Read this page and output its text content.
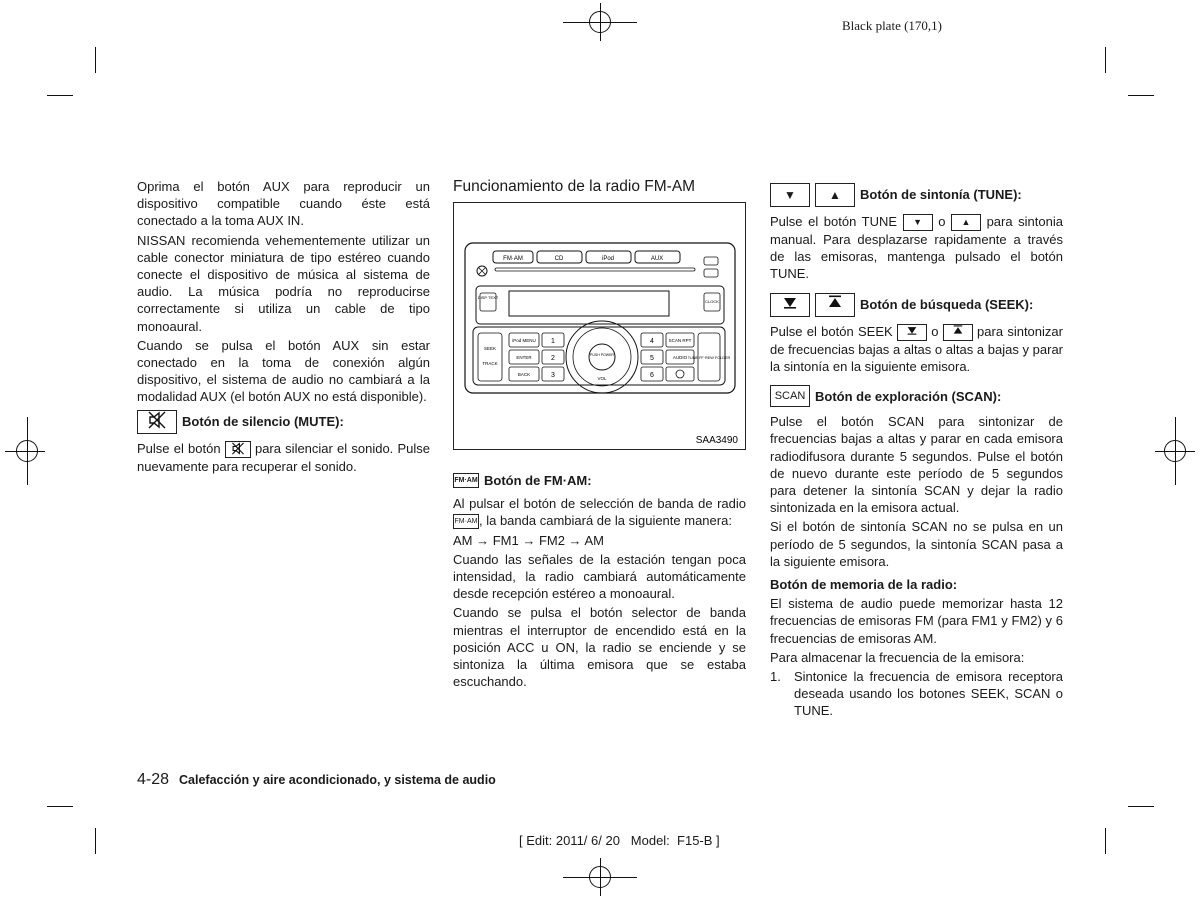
Black plate (170,1)

Oprima el botón AUX para reproducir un dispositivo compatible cuando éste está conectado a la toma AUX IN.

NISSAN recomienda vehementemente utilizar un cable conector miniatura de tipo estéreo cuando conecte el dispositivo de música al sistema de audio. La música podría no reproducirse correctamente si utiliza un cable de tipo monoaural.

Cuando se pulsa el botón AUX sin estar conectado en la toma de conexión algún dispositivo, el sistema de audio no cambiará a la modalidad AUX (el botón AUX no está disponible).

Botón de silencio (MUTE):

Pulse el botón	para silenciar el sonido. Pulse nuevamente para recuperar el sonido.

Funcionamiento de la radio FM-AM
FM·AM	CD	iPod	AUX
DISP TEXT
CLOCK
SEEK
TRACK
iPod MENU
ENTER
BACK
1
2
3
PUSH POWER
VOL
4
5
6
SCAN RPT
AUDIO TUNE FF·REW FOLDER
SAA3490
FM·AM Botón de FM·AM:

Al pulsar el botón de selección de banda de radio FM·AM , la banda cambiará de la siguiente manera:

AM → FM1 → FM2 → AM

Cuando las señales de la estación tengan poca intensidad, la radio cambiará automáticamente desde recepción estéreo a monoaural.

Cuando se pulsa el botón selector de banda mientras el interruptor de encendido está en la posición ACC u ON, la radio se enciende y se sintoniza la última emisora que se estaba escuchando.

▼	▲	Botón de sintonía (TUNE):

Pulse el botón TUNE ▼ o ▲ para sintonia manual. Para desplazarse rapidamente a través de las emisoras, mantenga pulsado el botón TUNE.

Botón de búsqueda (SEEK):

Pulse el botón SEEK	o	para sintonizar de frecuencias bajas a altas o altas a bajas y parar la sintonía en la siguiente emisora.

SCAN Botón de exploración (SCAN):

Pulse el botón SCAN para sintonizar de frecuencias bajas a altas y parar en cada emisora radiodifusora durante 5 segundos. Pulse el botón de nuevo durante este período de 5 segundos para detener la sintonía SCAN y dejar la radio sintonizada en la emisora actual.

Si el botón de sintonía SCAN no se pulsa en un período de 5 segundos, la sintonía SCAN pasa a la siguiente emisora.

Botón de memoria de la radio:

El sistema de audio puede memorizar hasta 12 frecuencias de emisoras FM (para FM1 y FM2) y 6 frecuencias de emisoras AM.

Para almacenar la frecuencia de la emisora:

1.	Sintonice la frecuencia de emisora receptora deseada usando los botones SEEK, SCAN o TUNE.
4-28 Calefacción y aire acondicionado, y sistema de audio
[ Edit: 2011/ 6/ 20   Model:  F15-B ]
